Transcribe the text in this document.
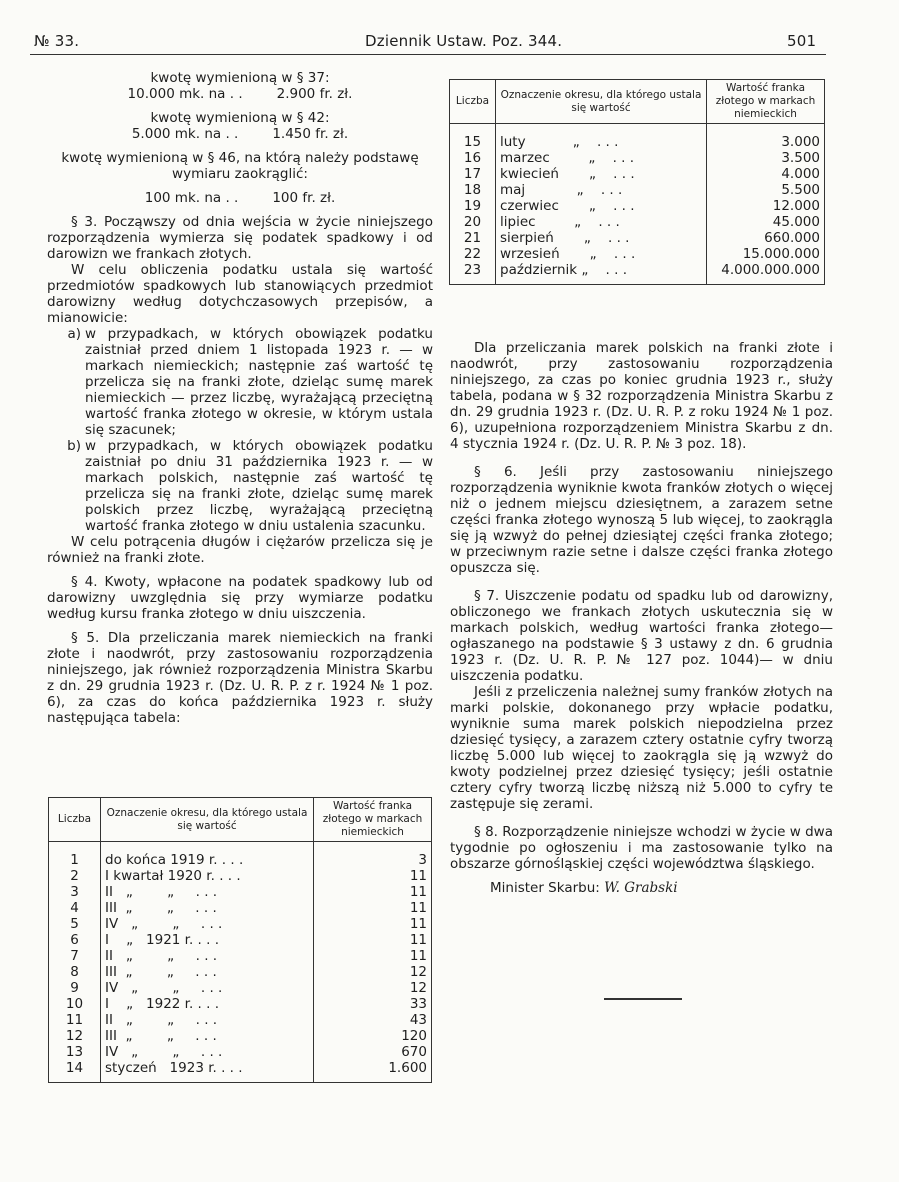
№ 33.	Dziennik Ustaw. Poz. 344.	501
kwotę wymienioną w § 37:
10.000 mk. na . .	2.900 fr. zł.
kwotę wymienioną w § 42:
5.000 mk. na . .	1.450 fr. zł.
kwotę wymienioną w § 46, na którą należy podstawę wymiaru zaokrąglić:
100 mk. na . .	100 fr. zł.
§ 3. Począwszy od dnia wejścia w życie niniejszego rozporządzenia wymierza się podatek spadkowy i od darowizn we frankach złotych.
W celu obliczenia podatku ustala się wartość przedmiotów spadkowych lub stanowiących przedmiot darowizny według dotychczasowych przepisów, a mianowicie:
a) w przypadkach, w których obowiązek podatku zaistniał przed dniem 1 listopada 1923 r. — w markach niemieckich; następnie zaś wartość tę przelicza się na franki złote, dzieląc sumę marek niemieckich — przez liczbę, wyrażającą przeciętną wartość franka złotego w okresie, w którym ustala się szacunek;
b) w przypadkach, w których obowiązek podatku zaistniał po dniu 31 października 1923 r. — w markach polskich, następnie zaś wartość tę przelicza się na franki złote, dzieląc sumę marek polskich przez liczbę, wyrażającą przeciętną wartość franka złotego w dniu ustalenia szacunku.
W celu potrącenia długów i ciężarów przelicza się je również na franki złote.
§ 4. Kwoty, wpłacone na podatek spadkowy lub od darowizny uwzględnia się przy wymiarze podatku według kursu franka złotego w dniu uiszczenia.
§ 5. Dla przeliczania marek niemieckich na franki złote i naodwrót, przy zastosowaniu rozporządzenia niniejszego, jak również rozporządzenia Ministra Skarbu z dn. 29 grudnia 1923 r. (Dz. U. R. P. z r. 1924 № 1 poz. 6), za czas do końca października 1923 r. służy następująca tabela:
Liczba	Oznaczenie okresu, dla którego ustala się wartość	Wartość franka złotego w markach niemieckich
1	do końca 1919 r. . . .	3
2	I kwartał 1920 r. . . .	11
3	II   „        „     . . .	11
4	III  „        „     . . .	11
5	IV   „        „     . . .	11
6	I    „   1921 r. . . .	11
7	II   „        „     . . .	11
8	III  „        „     . . .	12
9	IV   „        „     . . .	12
10	I    „   1922 r. . . .	33
11	II   „        „     . . .	43
12	III  „        „     . . .	120
13	IV   „        „     . . .	670
14	styczeń   1923 r. . . .	1.600
Liczba	Oznaczenie okresu, dla którego ustala się wartość	Wartość franka złotego w markach niemieckich
15	luty           „    . . .	3.000
16	marzec         „    . . .	3.500
17	kwiecień       „    . . .	4.000
18	maj            „    . . .	5.500
19	czerwiec       „    . . .	12.000
20	lipiec         „    . . .	45.000
21	sierpień       „    . . .	660.000
22	wrzesień       „    . . .	15.000.000
23	październik „    . . .	4.000.000.000
Dla przeliczania marek polskich na franki złote i naodwrót, przy zastosowaniu rozporządzenia niniejszego, za czas po koniec grudnia 1923 r., służy tabela, podana w § 32 rozporządzenia Ministra Skarbu z dn. 29 grudnia 1923 r. (Dz. U. R. P. z roku 1924 № 1 poz. 6), uzupełniona rozporządzeniem Ministra Skarbu z dn. 4 stycznia 1924 r. (Dz. U. R. P. № 3 poz. 18).
§ 6. Jeśli przy zastosowaniu niniejszego rozporządzenia wyniknie kwota franków złotych o więcej niż o jednem miejscu dziesiętnem, a zarazem setne części franka złotego wynoszą 5 lub więcej, to zaokrągla się ją wzwyż do pełnej dziesiątej części franka złotego; w przeciwnym razie setne i dalsze części franka złotego opuszcza się.
§ 7. Uiszczenie podatu od spadku lub od darowizny, obliczonego we frankach złotych uskutecznia się w markach polskich, według wartości franka złotego—ogłaszanego na podstawie § 3 ustawy z dn. 6 grudnia 1923 r. (Dz. U. R. P. № 127 poz. 1044)— w dniu uiszczenia podatku.
Jeśli z przeliczenia należnej sumy franków złotych na marki polskie, dokonanego przy wpłacie podatku, wyniknie suma marek polskich niepodzielna przez dziesięć tysięcy, a zarazem cztery ostatnie cyfry tworzą liczbę 5.000 lub więcej to zaokrągla się ją wzwyż do kwoty podzielnej przez dziesięć tysięcy; jeśli ostatnie cztery cyfry tworzą liczbę niższą niż 5.000 to cyfry te zastępuje się zerami.
§ 8. Rozporządzenie niniejsze wchodzi w życie w dwa tygodnie po ogłoszeniu i ma zastosowanie tylko na obszarze górnośląskiej części województwa śląskiego.
Minister Skarbu: W. Grabski
